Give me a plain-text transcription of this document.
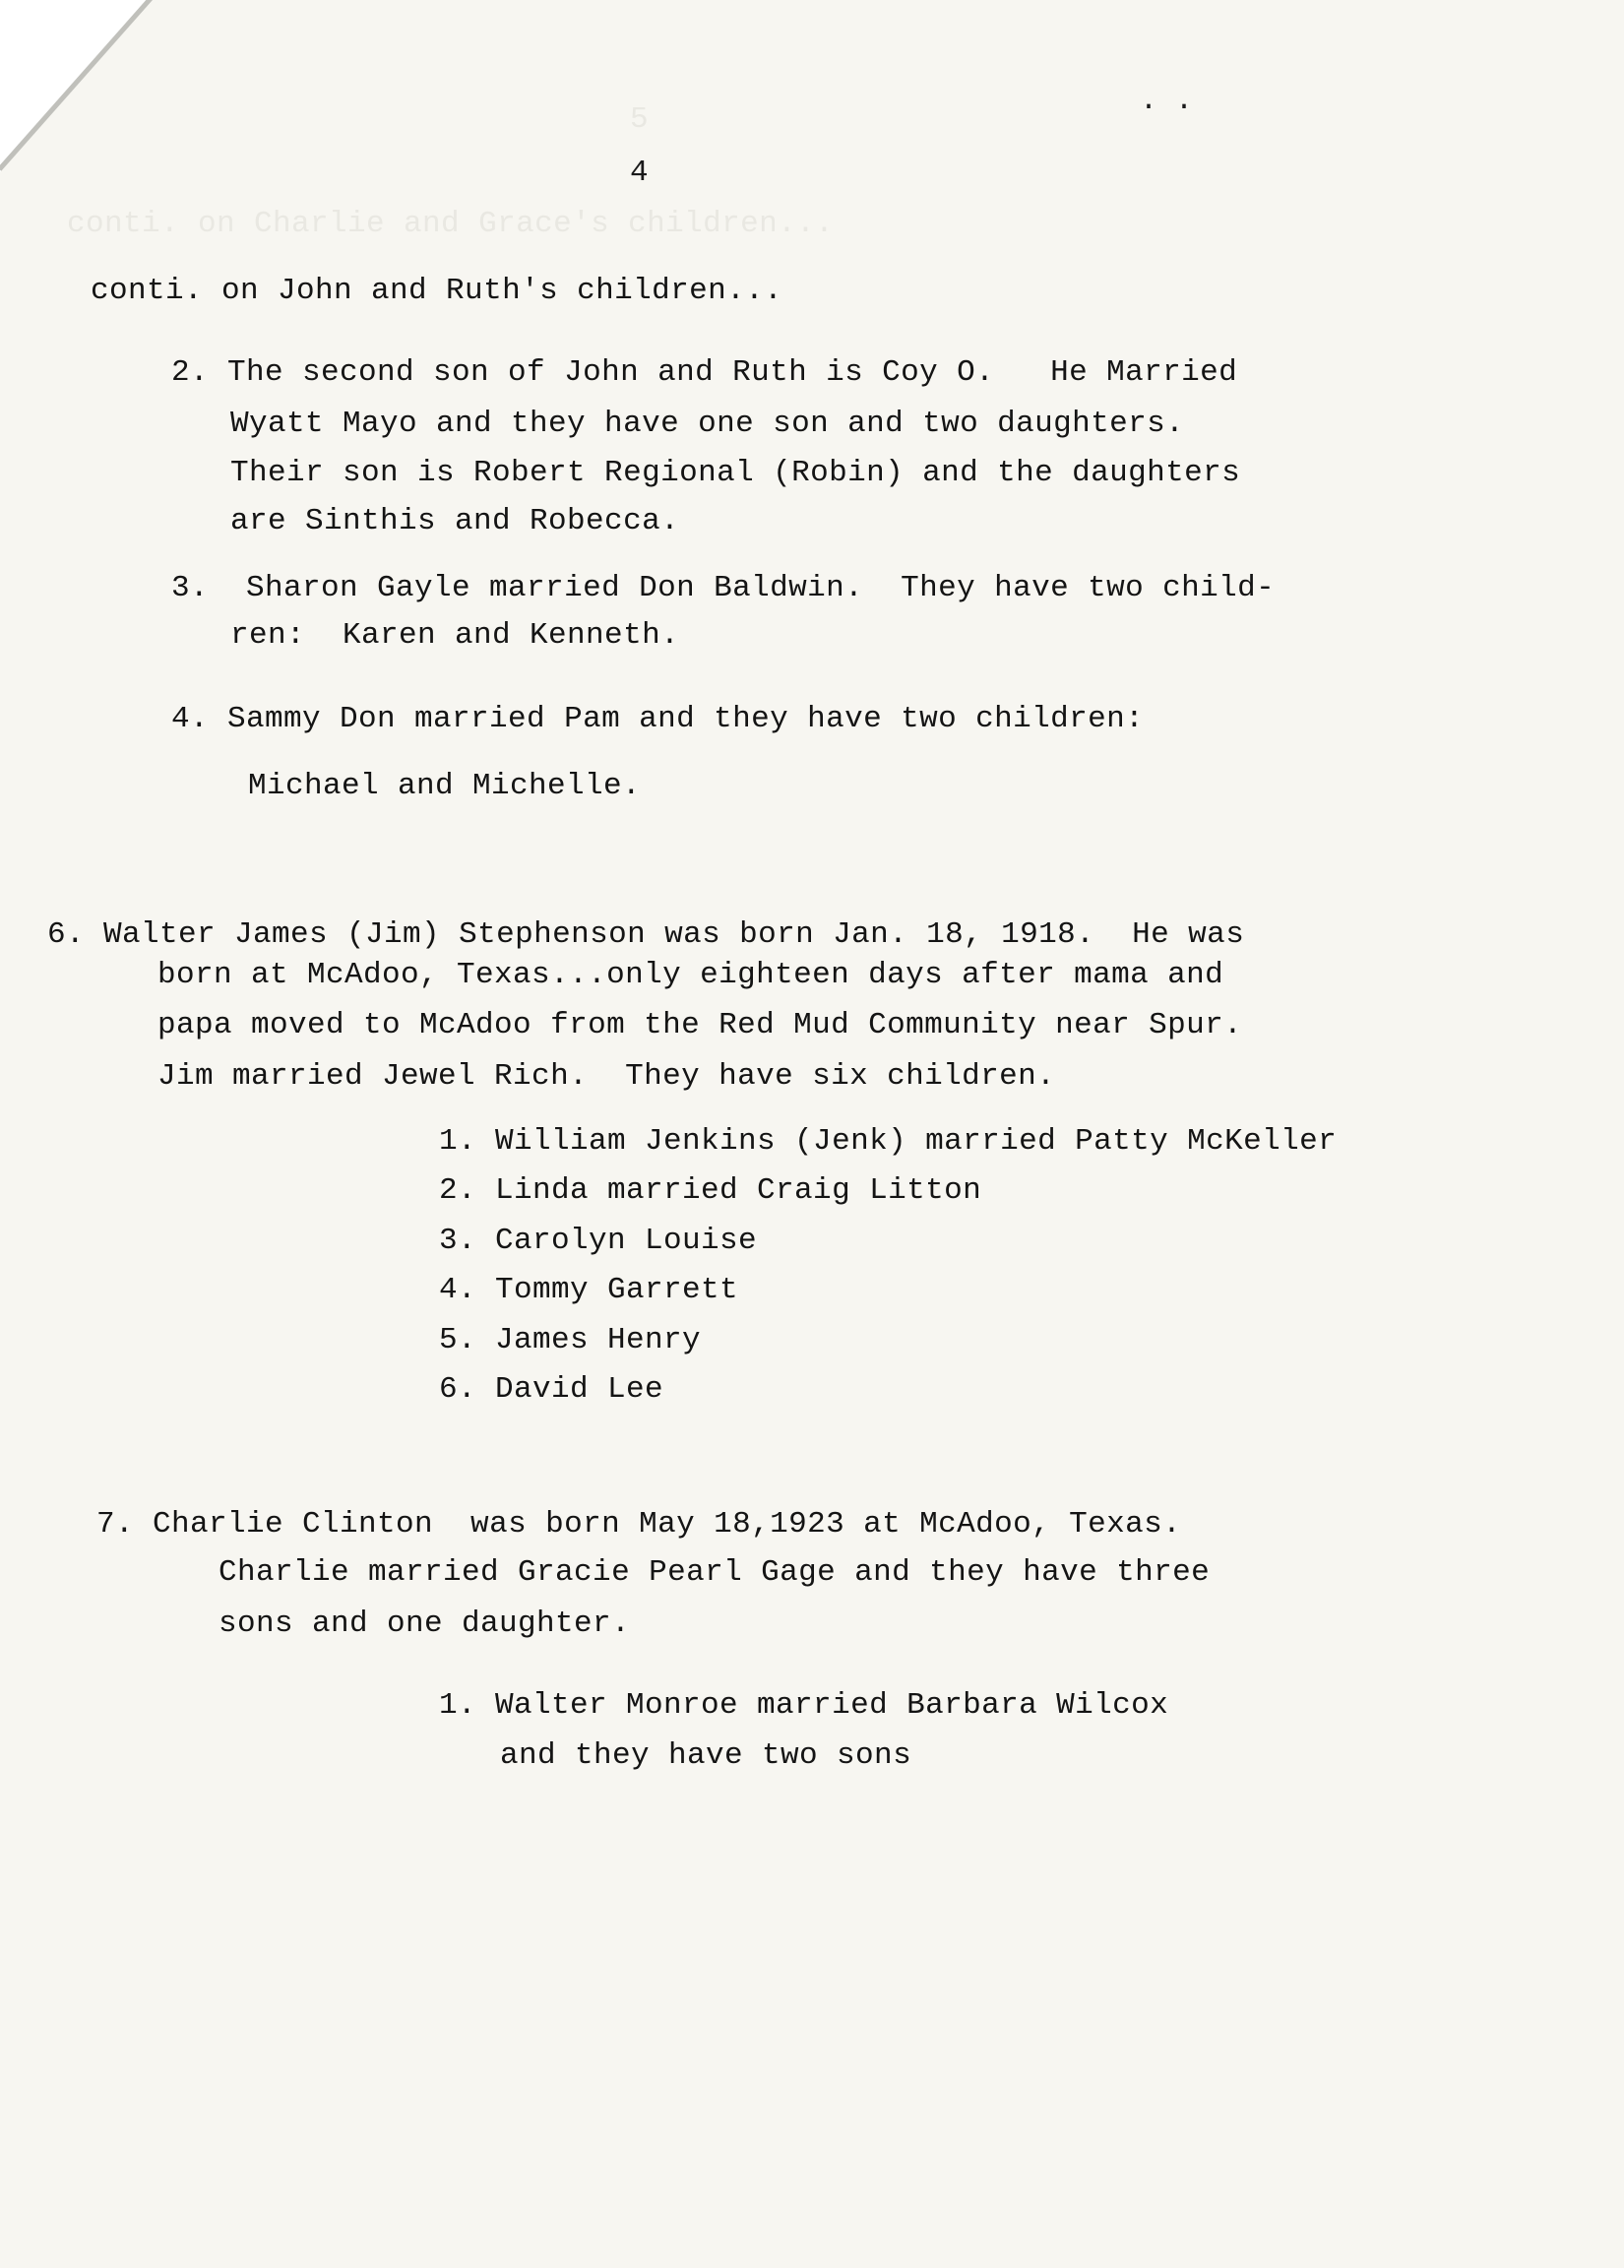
5
conti. on Charlie and Grace's children...
. .
4
conti. on John and Ruth's children...
2. The second son of John and Ruth is Coy O.   He Married
Wyatt Mayo and they have one son and two daughters.
Their son is Robert Regional (Robin) and the daughters
are Sinthis and Robecca.
3.  Sharon Gayle married Don Baldwin.  They have two child-
ren:  Karen and Kenneth.
4. Sammy Don married Pam and they have two children:
Michael and Michelle.
6. Walter James (Jim) Stephenson was born Jan. 18, 1918.  He was
born at McAdoo, Texas...only eighteen days after mama and
papa moved to McAdoo from the Red Mud Community near Spur.
Jim married Jewel Rich.  They have six children.
1. William Jenkins (Jenk) married Patty McKeller
2. Linda married Craig Litton
3. Carolyn Louise
4. Tommy Garrett
5. James Henry
6. David Lee
7. Charlie Clinton  was born May 18,1923 at McAdoo, Texas.
Charlie married Gracie Pearl Gage and they have three
sons and one daughter.
1. Walter Monroe married Barbara Wilcox
and they have two sons
